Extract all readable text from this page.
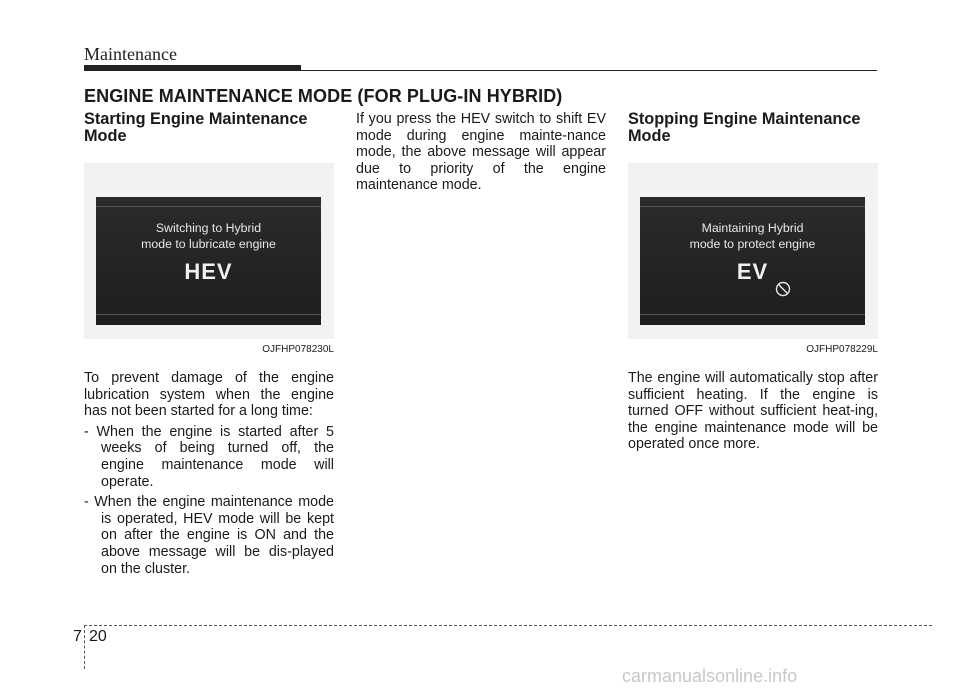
Maintenance
ENGINE MAINTENANCE MODE (FOR PLUG-IN HYBRID)
Starting Engine Maintenance Mode
Switching to Hybrid
mode to lubricate engine
HEV
OJFHP078230L

To prevent damage of the engine lubrication system when the engine has not been started for a long time:

- When the engine is started after 5 weeks of being turned off, the engine maintenance mode will operate.

- When the engine maintenance mode is operated, HEV mode will be kept on after the engine is ON and the above message will be dis-played on the cluster.

If you press the HEV switch to shift EV mode during engine mainte-nance mode, the above message will appear due to priority of the engine maintenance mode.

Stopping Engine Maintenance Mode
Maintaining Hybrid
mode to protect engine
EV
OJFHP078229L

The engine will automatically stop after sufficient heating. If the engine is turned OFF without sufficient heat-ing, the engine maintenance mode will be operated once more.

7 20
carmanualsonline.info
